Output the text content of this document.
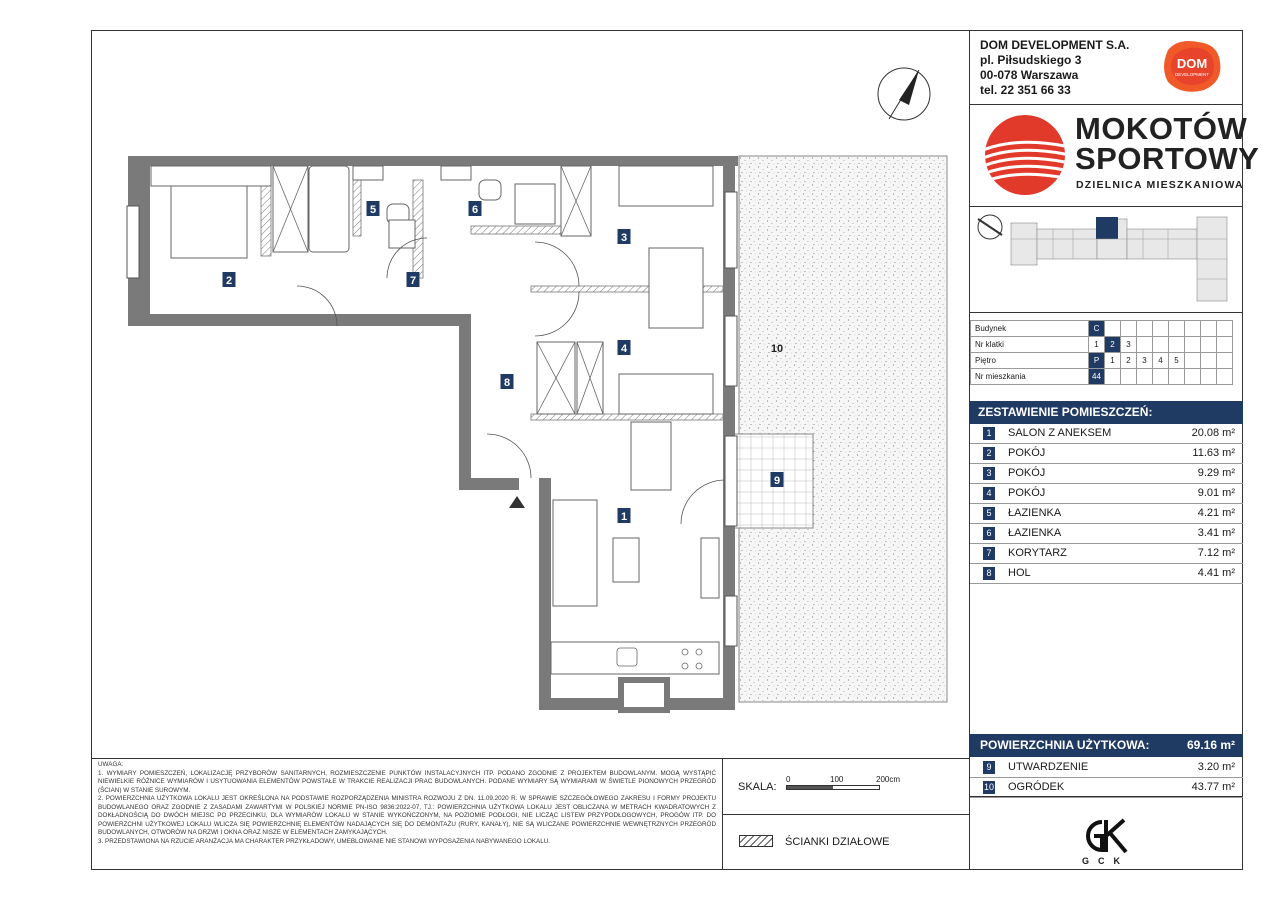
DOM DEVELOPMENT S.A.
pl. Piłsudskiego 3
00-078 Warszawa
tel. 22 351 66 33
DOM
DEVELOPMENT
MOKOTÓW
SPORTOWY
DZIELNICA MIESZKANIOWA
Budynek	C								
Nr klatki	1	2	3						
Piętro	P	1	2	3	4	5			
Nr mieszkania	44								
ZESTAWIENIE POMIESZCZEŃ:
1	SALON Z ANEKSEM	20.08 m²
2	POKÓJ	11.63 m²
3	POKÓJ	9.29 m²
4	POKÓJ	9.01 m²
5	ŁAZIENKA	4.21 m²
6	ŁAZIENKA	3.41 m²
7	KORYTARZ	7.12 m²
8	HOL	4.41 m²
POWIERZCHNIA UŻYTKOWA:	69.16 m²
9	UTWARDZENIE	3.20 m²
10 OGRÓDEK	43.77 m²
1
2
3
4
5	6
7
8
9
10

UWAGA:

1. WYMIARY POMIESZCZEŃ, LOKALIZACJĘ PRZYBORÓW SANITARNYCH, ROZMIESZCZENIE PUNKTÓW INSTALACYJNYCH ITP. PODANO ZGODNIE Z PROJEKTEM BUDOWLANYM. MOGĄ WYSTĄPIĆ NIEWIELKIE RÓŻNICE WYMIARÓW I USYTUOWANIA ELEMENTÓW POWSTAŁE W TRAKCIE REALIZACJI PRAC BUDOWLANYCH. PODANE WYMIARY SĄ WYMIARAMI W ŚWIETLE PIONOWYCH PRZEGRÓD (ŚCIAN) W STANIE SUROWYM.

2. POWIERZCHNIA UŻYTKOWA LOKALU JEST OKREŚLONA NA PODSTAWIE ROZPORZĄDZENIA MINISTRA ROZWOJU Z DN. 11.09.2020 R. W SPRAWIE SZCZEGÓŁOWEGO ZAKRESU I FORMY PROJEKTU BUDOWLANEGO ORAZ ZGODNIE Z ZASADAMI ZAWARTYMI W POLSKIEJ NORMIE PN-ISO 9836:2022-07, TJ.: POWIERZCHNIA UŻYTKOWA LOKALU JEST OBLICZANA W METRACH KWADRATOWYCH Z DOKŁADNOŚCIĄ DO DWÓCH MIEJSC PO PRZECINKU, DLA WYMIARÓW LOKALU W STANIE WYKOŃCZONYM, NA POZIOMIE PODŁOGI, NIE LICZĄC LISTEW PRZYPODŁOGOWYCH, PROGÓW ITP. DO POWIERZCHNI UŻYTKOWEJ LOKALU WLICZA SIĘ POWIERZCHNIĘ ELEMENTÓW NADAJĄCYCH SIĘ DO DEMONTAŻU (RURY, KANAŁY), NIE SĄ WLICZANE POWIERZCHNIE WEWNĘTRZNYCH PRZEGRÓD BUDOWLANYCH, OTWORÓW NA DRZWI I OKNA ORAZ NISZE W ELEMENTACH ZAMYKAJĄCYCH.

3. PRZEDSTAWIONA NA RZUCIE ARANŻACJA MA CHARAKTER PRZYKŁADOWY, UMEBLOWANIE NIE STANOWI WYPOSAŻENIA NABYWANEGO LOKALU.

SKALA:
0	100	200cm
ŚCIANKI DZIAŁOWE
GCK
